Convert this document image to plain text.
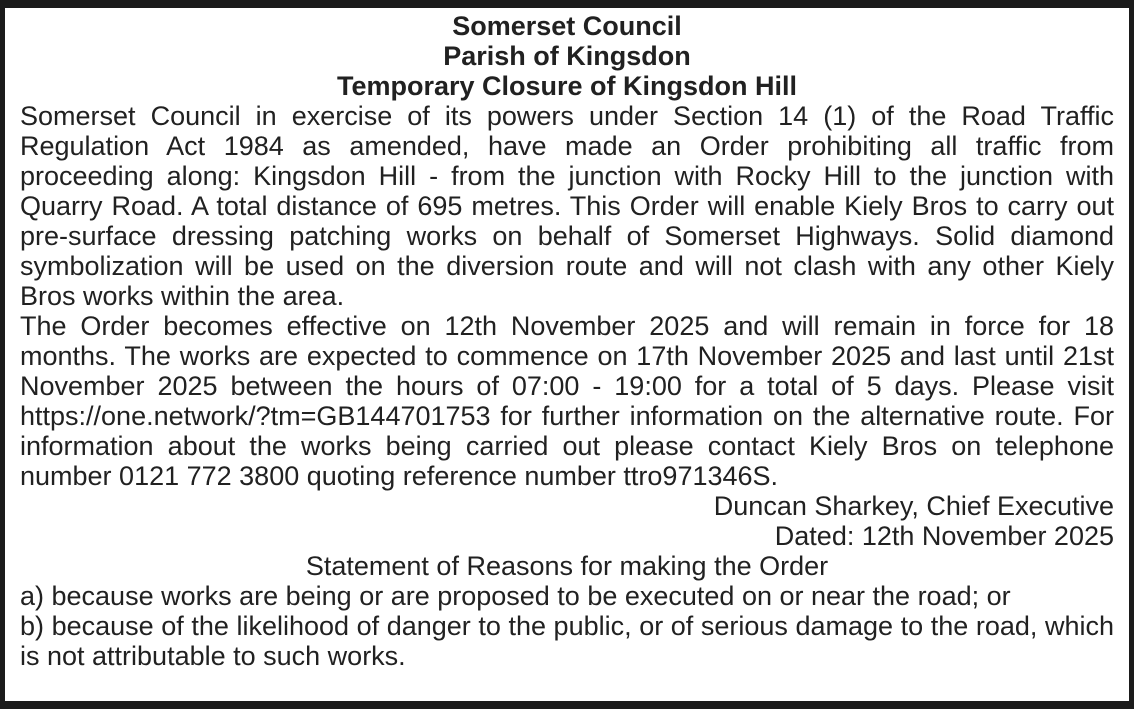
Somerset Council
Parish of Kingsdon
Temporary Closure of Kingsdon Hill

Somerset Council in exercise of its powers under Section 14 (1) of the Road Traffic Regulation Act 1984 as amended, have made an Order prohibiting all traffic from proceeding along: Kingsdon Hill - from the junction with Rocky Hill to the junction with Quarry Road. A total distance of 695 metres. This Order will enable Kiely Bros to carry out pre-surface dressing patching works on behalf of Somerset Highways. Solid diamond symbolization will be used on the diversion route and will not clash with any other Kiely Bros works within the area.

The Order becomes effective on 12th November 2025 and will remain in force for 18 months. The works are expected to commence on 17th November 2025 and last until 21st November 2025 between the hours of 07:00 - 19:00 for a total of 5 days. Please visit https://one.network/?tm=GB144701753 for further information on the alternative route. For information about the works being carried out please contact Kiely Bros on telephone number 0121 772 3800 quoting reference number ttro971346S.

Duncan Sharkey, Chief Executive
Dated: 12th November 2025
Statement of Reasons for making the Order

a) because works are being or are proposed to be executed on or near the road; or

b) because of the likelihood of danger to the public, or of serious damage to the road, which is not attributable to such works.
